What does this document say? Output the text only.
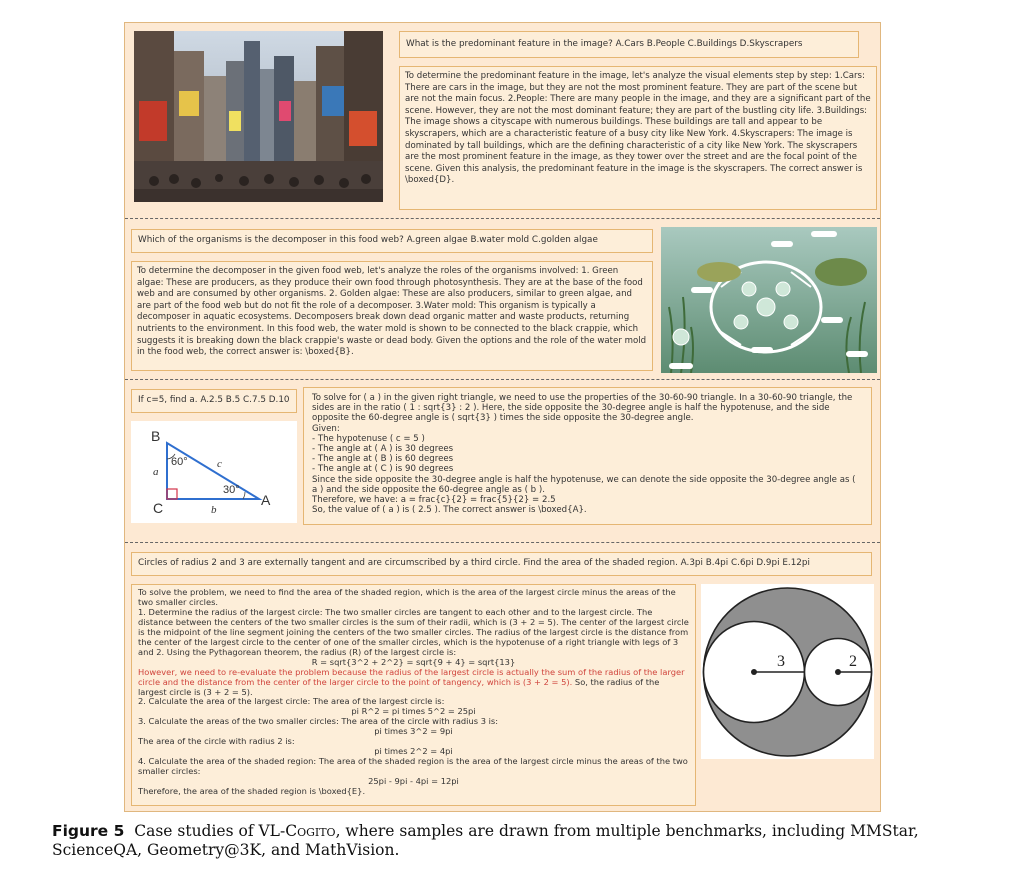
What is the predominant feature in the image? A.Cars B.People C.Buildings D.Skyscrapers
To determine the predominant feature in the image, let's analyze the visual elements step by step: 1.Cars: There are cars in the image, but they are not the most prominent feature. They are part of the scene but are not the main focus. 2.People: There are many people in the image, and they are a significant part of the scene. However, they are not the most dominant feature; they are part of the bustling city life. 3.Buildings: The image shows a cityscape with numerous buildings. These buildings are tall and appear to be skyscrapers, which are a characteristic feature of a busy city like New York. 4.Skyscrapers: The image is dominated by tall buildings, which are the defining characteristic of a city like New York. The skyscrapers are the most prominent feature in the image, as they tower over the street and are the focal point of the scene. Given this analysis, the predominant feature in the image is the skyscrapers. The correct answer is \boxed{D}.
Which of the organisms is the decomposer in this food web? A.green algae B.water mold C.golden algae
To determine the decomposer in the given food web, let's analyze the roles of the organisms involved: 1. Green algae: These are producers, as they produce their own food through photosynthesis. They are at the base of the food web and are consumed by other organisms. 2. Golden algae: These are also producers, similar to green algae, and are part of the food web but do not fit the role of a decomposer. 3.Water mold: This organism is typically a decomposer in aquatic ecosystems. Decomposers break down dead organic matter and waste products, returning nutrients to the environment. In this food web, the water mold is shown to be connected to the black crappie, which suggests it is breaking down the black crappie's waste or dead body. Given the options and the role of the water mold in the food web, the correct answer is: \boxed{B}.
If c=5, find a. A.2.5 B.5 C.7.5 D.10
B
C	A
a
b
c
60°
30°
To solve for ( a ) in the given right triangle, we need to use the properties of the 30-60-90 triangle. In a 30-60-90 triangle, the sides are in the ratio ( 1 : sqrt{3} : 2 ). Here, the side opposite the 30-degree angle is half the hypotenuse, and the side opposite the 60-degree angle is ( sqrt{3} ) times the side opposite the 30-degree angle.
Given:
- The hypotenuse ( c = 5 )
- The angle at ( A ) is 30 degrees
- The angle at ( B ) is 60 degrees
- The angle at ( C ) is 90 degrees
Since the side opposite the 30-degree angle is half the hypotenuse, we can denote the side opposite the 30-degree angle as ( a ) and the side opposite the 60-degree angle as ( b ).
Therefore, we have: a = frac{c}{2} = frac{5}{2} = 2.5
So, the value of ( a ) is ( 2.5 ). The correct answer is \boxed{A}.
Circles of radius 2 and 3 are externally tangent and are circumscribed by a third circle. Find the area of the shaded region. A.3pi B.4pi C.6pi D.9pi E.12pi
To solve the problem, we need to find the area of the shaded region, which is the area of the largest circle minus the areas of the two smaller circles.
1. Determine the radius of the largest circle: The two smaller circles are tangent to each other and to the largest circle. The distance between the centers of the two smaller circles is the sum of their radii, which is (3 + 2 = 5). The center of the largest circle is the midpoint of the line segment joining the centers of the two smaller circles. The radius of the largest circle is the distance from the center of the largest circle to the center of one of the smaller circles, which is the hypotenuse of a right triangle with legs of 3 and 2. Using the Pythagorean theorem, the radius (R) of the largest circle is:
R = sqrt{3^2 + 2^2} = sqrt{9 + 4} = sqrt{13}
However, we need to re-evaluate the problem because the radius of the largest circle is actually the sum of the radius of the larger circle and the distance from the center of the larger circle to the point of tangency, which is (3 + 2 = 5). So, the radius of the largest circle is (3 + 2 = 5).
2. Calculate the area of the largest circle: The area of the largest circle is:
pi R^2 = pi times 5^2 = 25pi
3. Calculate the areas of the two smaller circles: The area of the circle with radius 3 is:
pi times 3^2 = 9pi
The area of the circle with radius 2 is:
pi times 2^2 = 4pi
4. Calculate the area of the shaded region: The area of the shaded region is the area of the largest circle minus the areas of the two smaller circles:
25pi - 9pi - 4pi = 12pi
Therefore, the area of the shaded region is \boxed{E}.
3	2
Figure 5 Case studies of VL-Cogito, where samples are drawn from multiple benchmarks, including MMStar, ScienceQA, Geometry@3K, and MathVision.
